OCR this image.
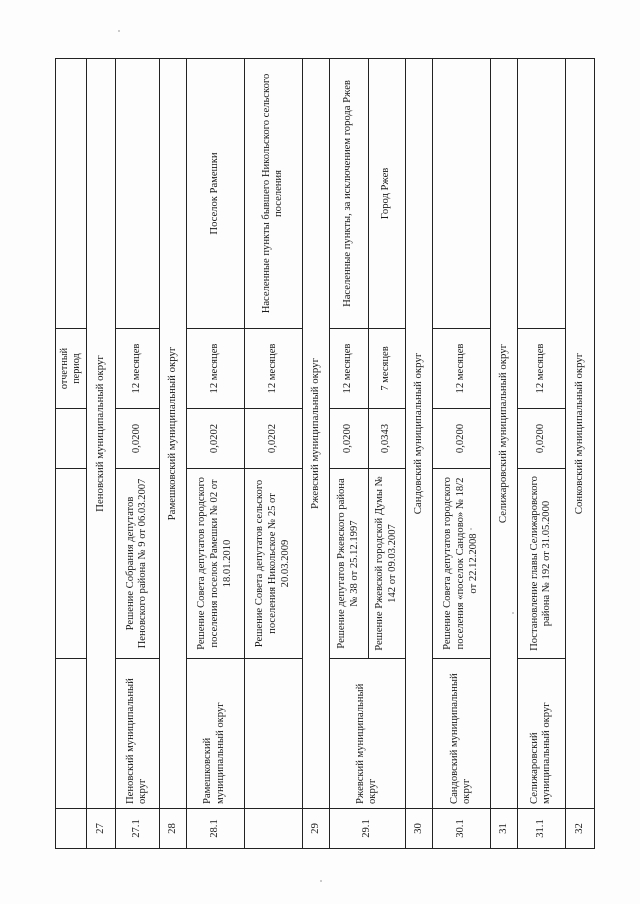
				отчетный период	
27	Пеновский муниципальный округ				
27.1	Пеновский муниципальный округ	Решение Собрания депутатов Пеновского района № 9 от 06.03.2007	0,0200	12 месяцев	
28	Рамешковский муниципальный округ				
28.1	Рамешковский муниципальный округ	Решение Совета депутатов городского поселения поселок Рамешки № 02 от 18.01.2010	0,0202	12 месяцев	Поселок Рамешки
		Решение Совета депутатов сельского поселения Никольское № 25 от 20.03.2009	0,0202	12 месяцев	Населенные пункты бывшего Никольского сельского поселения
29	Ржевский муниципальный округ				
29.1	Ржевский муниципальный округ	Решение депутатов Ржевского района № 38 от 25.12.1997	0,0200	12 месяцев	Населенные пункты, за исключением города Ржев
		Решение Ржевской городской Думы № 142 от 09.03.2007	0,0343	7 месяцев	Город Ржев
30	Сандовский муниципальный округ				
30.1	Сандовский муниципальный округ	Решение Совета депутатов городского поселения «поселок Сандово» № 18/2 от 22.12.2008	0,0200	12 месяцев	
31	Селижаровский муниципальный округ				
31.1	Селижаровский муниципальный округ	Постановление главы Селижаровского района № 192 от 31.05.2000	0,0200	12 месяцев	
32	Сонковский муниципальный округ				
